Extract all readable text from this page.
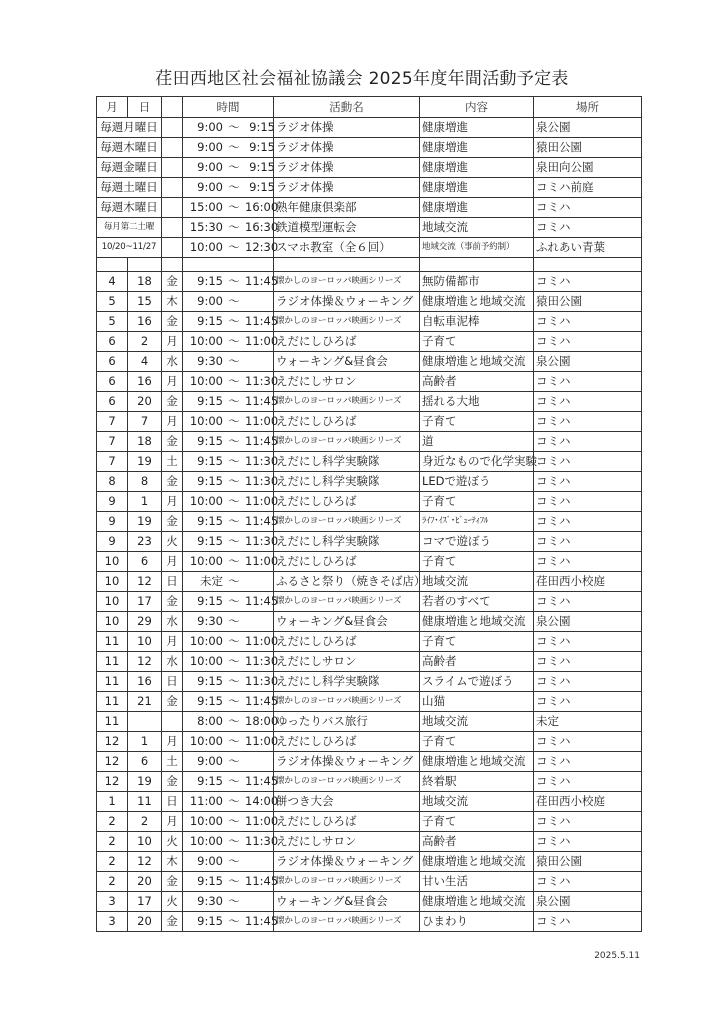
荏田西地区社会福祉協議会 2025年度年間活動予定表
月	日		時間	活動名	内容	場所
毎週月曜日			9:00 ～ 9:15	ラジオ体操	健康増進	泉公園
毎週木曜日			9:00 ～ 9:15	ラジオ体操	健康増進	猿田公園
毎週金曜日			9:00 ～ 9:15	ラジオ体操	健康増進	泉田向公園
毎週土曜日			9:00 ～ 9:15	ラジオ体操	健康増進	コミハ前庭
毎週木曜日			15:00 ～ 16:00	熟年健康倶楽部	健康増進	コミハ
毎月第二土曜			15:30 ～ 16:30	鉄道模型運転会	地域交流	コミハ
10/20~11/27			10:00 ～ 12:30	スマホ教室（全６回）	地域交流（事前予約制）	ふれあい青葉

4	18	金	9:15 ～ 11:45	懐かしのヨーロッパ映画シリーズ	無防備都市	コミハ
5	15	木	9:00 ～	ラジオ体操＆ウォーキング	健康増進と地域交流	猿田公園
5	16	金	9:15 ～ 11:45	懐かしのヨーロッパ映画シリーズ	自転車泥棒	コミハ
6	2	月	10:00 ～ 11:00	えだにしひろば	子育て	コミハ
6	4	水	9:30 ～	ウォーキング&昼食会	健康増進と地域交流	泉公園
6	16	月	10:00 ～ 11:30	えだにしサロン	高齢者	コミハ
6	20	金	9:15 ～ 11:45	懐かしのヨーロッパ映画シリーズ	揺れる大地	コミハ
7	7	月	10:00 ～ 11:00	えだにしひろば	子育て	コミハ
7	18	金	9:15 ～ 11:45	懐かしのヨーロッパ映画シリーズ	道	コミハ
7	19	土	9:15 ～ 11:30	えだにし科学実験隊	身近なもので化学実験	コミハ
8	8	金	9:15 ～ 11:30	えだにし科学実験隊	LEDで遊ぼう	コミハ
9	1	月	10:00 ～ 11:00	えだにしひろば	子育て	コミハ
9	19	金	9:15 ～ 11:45	懐かしのヨーロッパ映画シリーズ	ﾗｲﾌ･ｲｽﾞ･ﾋﾞｭｰﾃｨﾌﾙ	コミハ
9	23	火	9:15 ～ 11:30	えだにし科学実験隊	コマで遊ぼう	コミハ
10	6	月	10:00 ～ 11:00	えだにしひろば	子育て	コミハ
10	12	日	未定 ～	ふるさと祭り（焼きそば店）	地域交流	荏田西小校庭
10	17	金	9:15 ～ 11:45	懐かしのヨーロッパ映画シリーズ	若者のすべて	コミハ
10	29	水	9:30 ～	ウォーキング&昼食会	健康増進と地域交流	泉公園
11	10	月	10:00 ～ 11:00	えだにしひろば	子育て	コミハ
11	12	水	10:00 ～ 11:30	えだにしサロン	高齢者	コミハ
11	16	日	9:15 ～ 11:30	えだにし科学実験隊	スライムで遊ぼう	コミハ
11	21	金	9:15 ～ 11:45	懐かしのヨーロッパ映画シリーズ	山猫	コミハ
11			8:00 ～ 18:00	ゆったりバス旅行	地域交流	未定
12	1	月	10:00 ～ 11:00	えだにしひろば	子育て	コミハ
12	6	土	9:00 ～	ラジオ体操＆ウォーキング	健康増進と地域交流	コミハ
12	19	金	9:15 ～ 11:45	懐かしのヨーロッパ映画シリーズ	終着駅	コミハ
1	11	日	11:00 ～ 14:00	餅つき大会	地域交流	荏田西小校庭
2	2	月	10:00 ～ 11:00	えだにしひろば	子育て	コミハ
2	10	火	10:00 ～ 11:30	えだにしサロン	高齢者	コミハ
2	12	木	9:00 ～	ラジオ体操＆ウォーキング	健康増進と地域交流	猿田公園
2	20	金	9:15 ～ 11:45	懐かしのヨーロッパ映画シリーズ	甘い生活	コミハ
3	17	火	9:30 ～	ウォーキング&昼食会	健康増進と地域交流	泉公園
3	20	金	9:15 ～ 11:45	懐かしのヨーロッパ映画シリーズ	ひまわり	コミハ
2025.5.11
